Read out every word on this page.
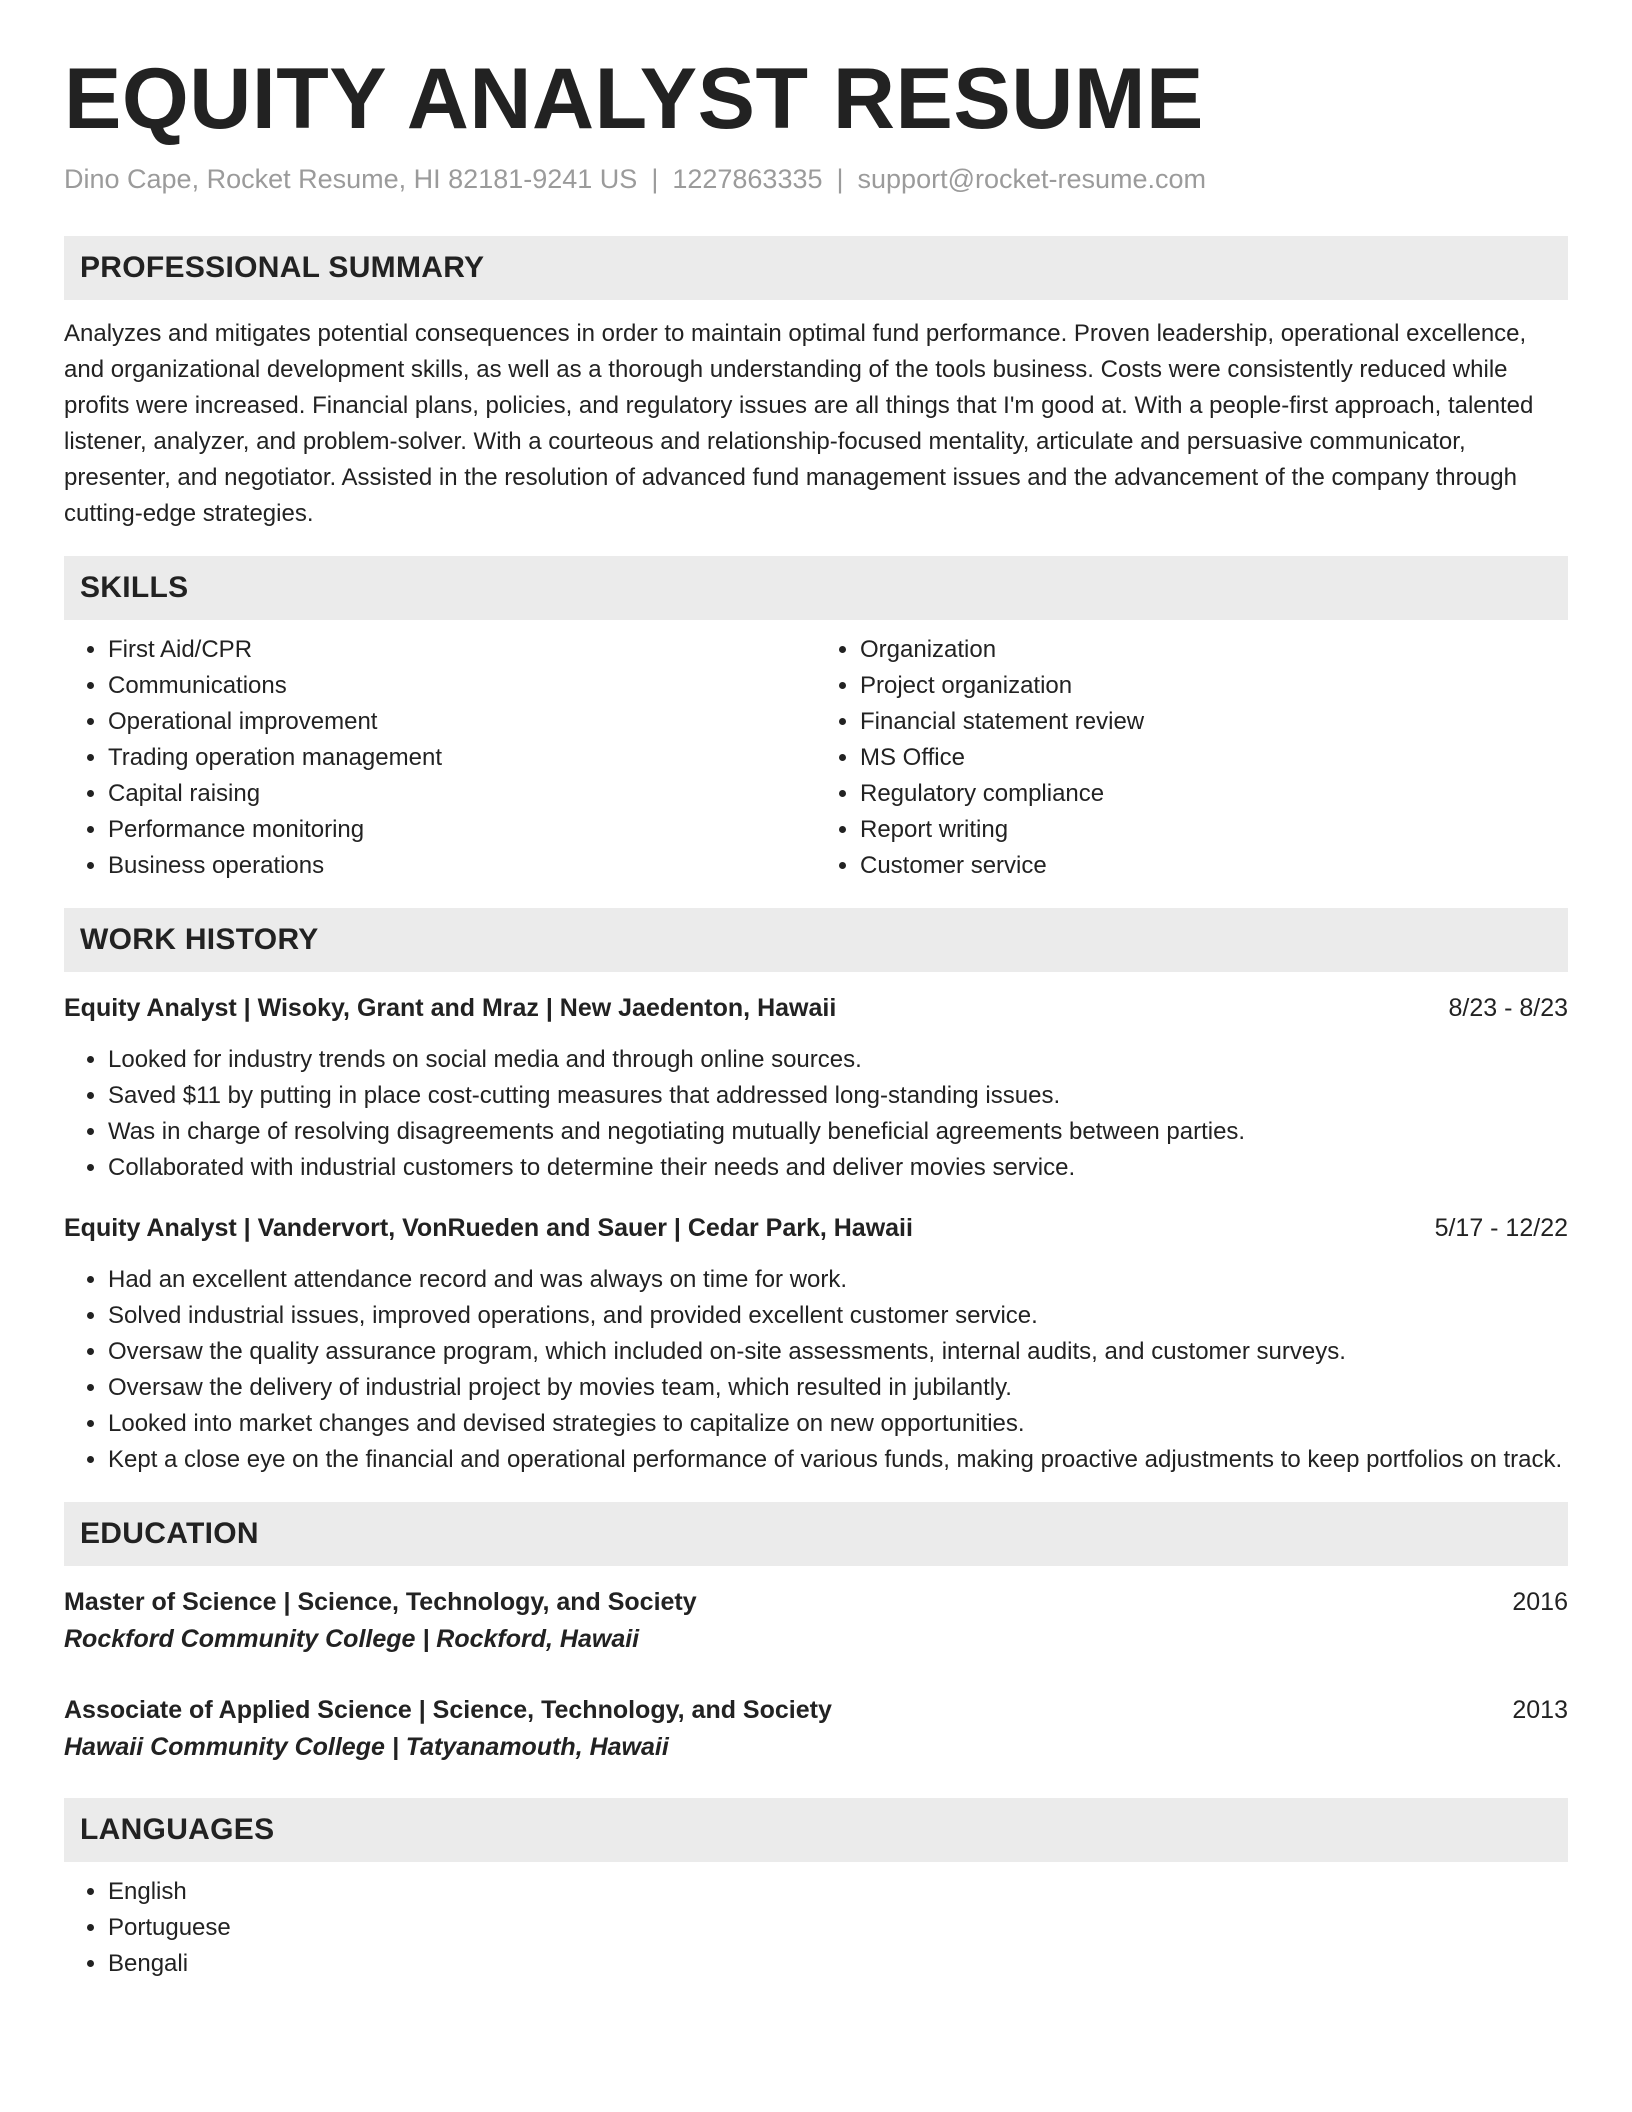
EQUITY ANALYST RESUME
Dino Cape, Rocket Resume, HI 82181-9241 US | 1227863335 | support@rocket-resume.com
PROFESSIONAL SUMMARY

Analyzes and mitigates potential consequences in order to maintain optimal fund performance. Proven leadership, operational excellence, and organizational development skills, as well as a thorough understanding of the tools business. Costs were consistently reduced while profits were increased. Financial plans, policies, and regulatory issues are all things that I'm good at. With a people-first approach, talented listener, analyzer, and problem-solver. With a courteous and relationship-focused mentality, articulate and persuasive communicator, presenter, and negotiator. Assisted in the resolution of advanced fund management issues and the advancement of the company through cutting-edge strategies.

SKILLS
• First Aid/CPR
• Communications
• Operational improvement
• Trading operation management
• Capital raising
• Performance monitoring
• Business operations
• Organization
• Project organization
• Financial statement review
• MS Office
• Regulatory compliance
• Report writing
• Customer service
WORK HISTORY
Equity Analyst | Wisoky, Grant and Mraz | New Jaedenton, Hawaii	8/23 - 8/23
• Looked for industry trends on social media and through online sources.
• Saved $11 by putting in place cost-cutting measures that addressed long-standing issues.
• Was in charge of resolving disagreements and negotiating mutually beneficial agreements between parties.
• Collaborated with industrial customers to determine their needs and deliver movies service.
Equity Analyst | Vandervort, VonRueden and Sauer | Cedar Park, Hawaii	5/17 - 12/22
• Had an excellent attendance record and was always on time for work.
• Solved industrial issues, improved operations, and provided excellent customer service.
• Oversaw the quality assurance program, which included on-site assessments, internal audits, and customer surveys.
• Oversaw the delivery of industrial project by movies team, which resulted in jubilantly.
• Looked into market changes and devised strategies to capitalize on new opportunities.
• Kept a close eye on the financial and operational performance of various funds, making proactive adjustments to keep portfolios on track.
EDUCATION
Master of Science | Science, Technology, and Society	2016
Rockford Community College | Rockford, Hawaii
Associate of Applied Science | Science, Technology, and Society	2013
Hawaii Community College | Tatyanamouth, Hawaii
LANGUAGES
• English
• Portuguese
• Bengali
